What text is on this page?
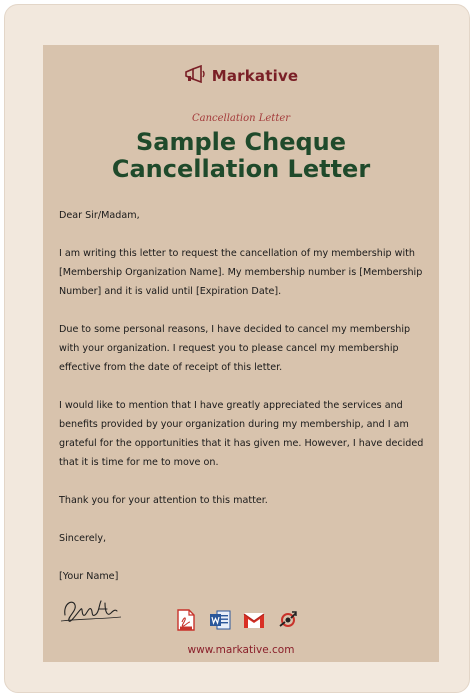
Markative
Cancellation Letter
Sample Cheque
Cancellation Letter

Dear Sir/Madam,

I am writing this letter to request the cancellation of my membership with [Membership Organization Name]. My membership number is [Membership Number] and it is valid until [Expiration Date].

Due to some personal reasons, I have decided to cancel my membership with your organization. I request you to please cancel my membership effective from the date of receipt of this letter.

I would like to mention that I have greatly appreciated the services and benefits provided by your organization during my membership, and I am grateful for the opportunities that it has given me. However, I have decided that it is time for me to move on.

Thank you for your attention to this matter.

Sincerely,

[Your Name]

www.markative.com
